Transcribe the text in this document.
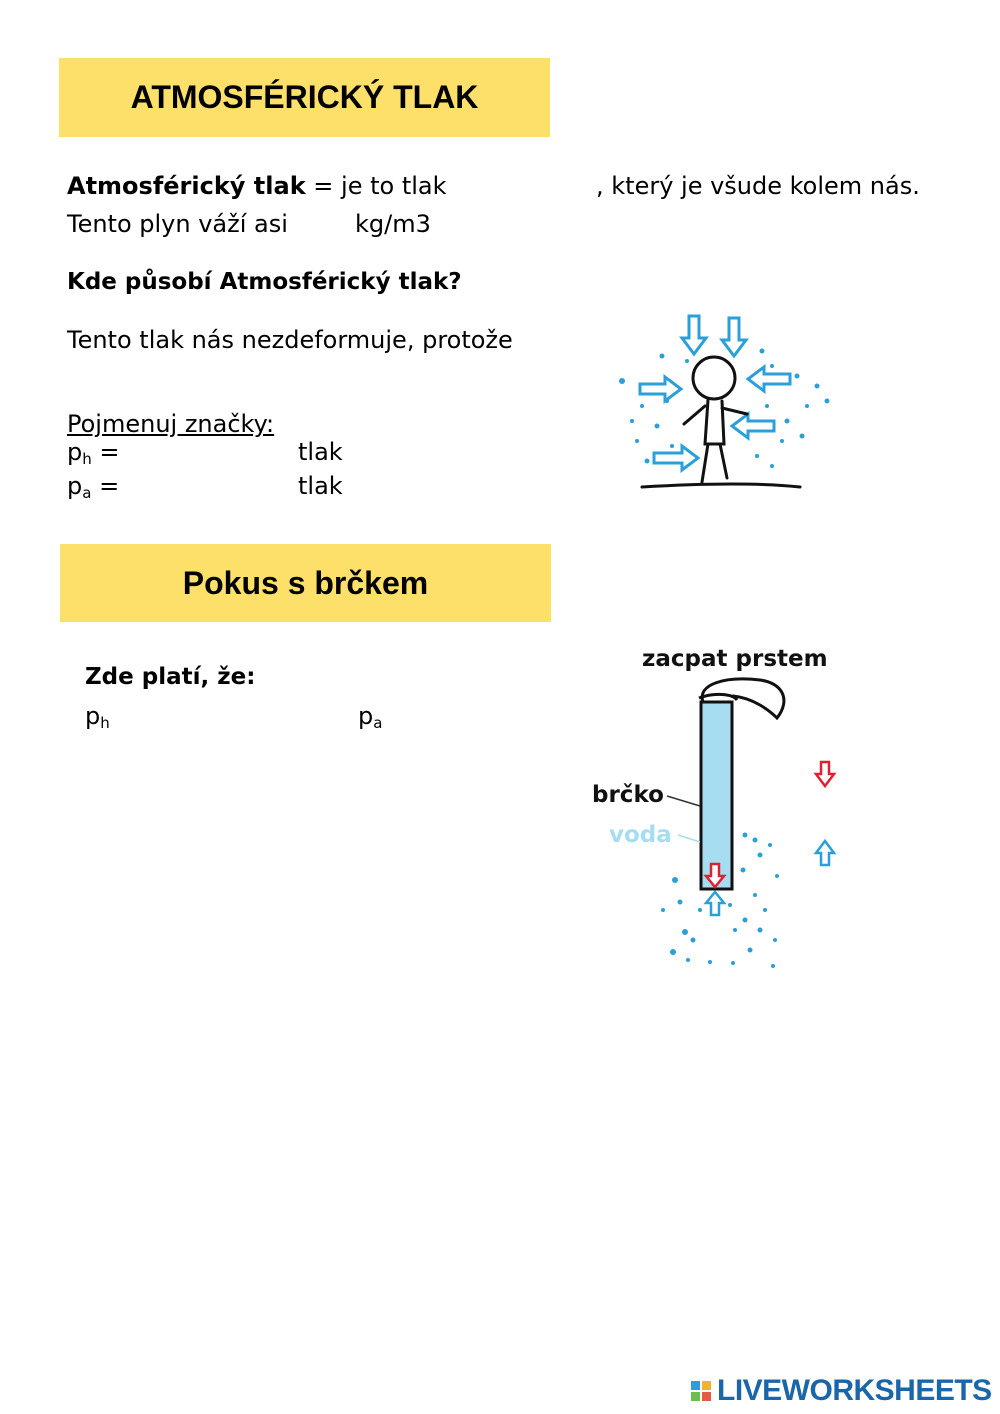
ATMOSFÉRICKÝ TLAK
Atmosférický tlak = je to tlak	, který je všude kolem nás.
Tento plyn váží asi	kg/m3
Kde působí Atmosférický tlak?
Tento tlak nás nezdeformuje, protože
Pojmenuj značky:
ph =	tlak
pa =	tlak
Pokus s brčkem
Zde platí, že:
ph	pa
zacpat prstem
brčko
voda
LIVEWORKSHEETS
